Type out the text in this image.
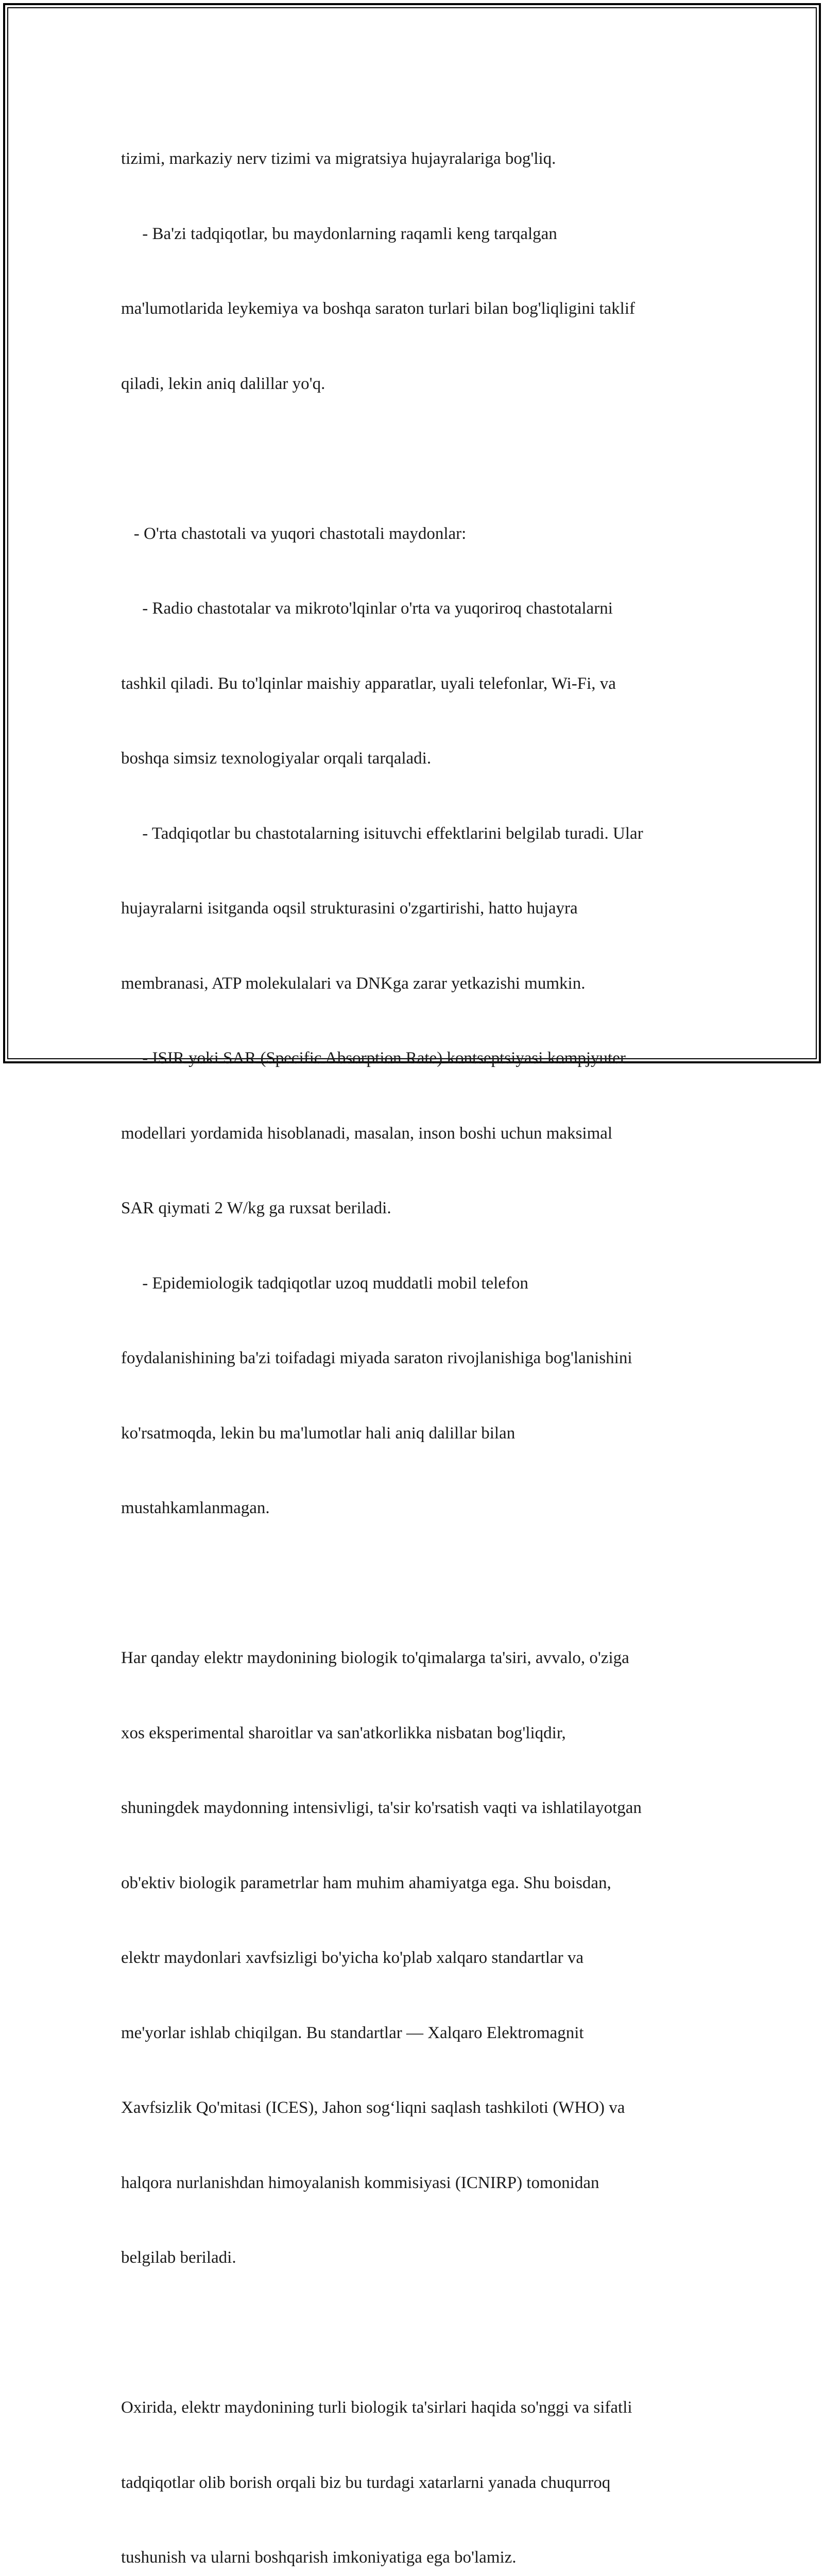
tizimi, markaziy nerv tizimi va migratsiya hujayralariga bog'liq.

- Ba'zi tadqiqotlar, bu maydonlarning raqamli keng tarqalgan

ma'lumotlarida leykemiya va boshqa saraton turlari bilan bog'liqligini taklif

qiladi, lekin aniq dalillar yo'q.

- O'rta chastotali va yuqori chastotali maydonlar:

- Radio chastotalar va mikroto'lqinlar o'rta va yuqoriroq chastotalarni

tashkil qiladi. Bu to'lqinlar maishiy apparatlar, uyali telefonlar, Wi-Fi, va

boshqa simsiz texnologiyalar orqali tarqaladi.

- Tadqiqotlar bu chastotalarning isituvchi effektlarini belgilab turadi. Ular

hujayralarni isitganda oqsil strukturasini o'zgartirishi, hatto hujayra

membranasi, ATP molekulalari va DNKga zarar yetkazishi mumkin.

- ISIR yoki SAR (Specific Absorption Rate) kontseptsiyasi kompjyuter

modellari yordamida hisoblanadi, masalan, inson boshi uchun maksimal

SAR qiymati 2 W/kg ga ruxsat beriladi.

- Epidemiologik tadqiqotlar uzoq muddatli mobil telefon

foydalanishining ba'zi toifadagi miyada saraton rivojlanishiga bog'lanishini

ko'rsatmoqda, lekin bu ma'lumotlar hali aniq dalillar bilan

mustahkamlanmagan.

Har qanday elektr maydonining biologik to'qimalarga ta'siri, avvalo, o'ziga

xos eksperimental sharoitlar va san'atkorlikka nisbatan bog'liqdir,

shuningdek maydonning intensivligi, ta'sir ko'rsatish vaqti va ishlatilayotgan

ob'ektiv biologik parametrlar ham muhim ahamiyatga ega. Shu boisdan,

elektr maydonlari xavfsizligi bo'yicha ko'plab xalqaro standartlar va

me'yorlar ishlab chiqilgan. Bu standartlar — Xalqaro Elektromagnit

Xavfsizlik Qo'mitasi (ICES), Jahon sog‘liqni saqlash tashkiloti (WHO) va

halqora nurlanishdan himoyalanish kommisiyasi (ICNIRP) tomonidan

belgilab beriladi.

Oxirida, elektr maydonining turli biologik ta'sirlari haqida so'nggi va sifatli

tadqiqotlar olib borish orqali biz bu turdagi xatarlarni yanada chuqurroq

tushunish va ularni boshqarish imkoniyatiga ega bo'lamiz.
